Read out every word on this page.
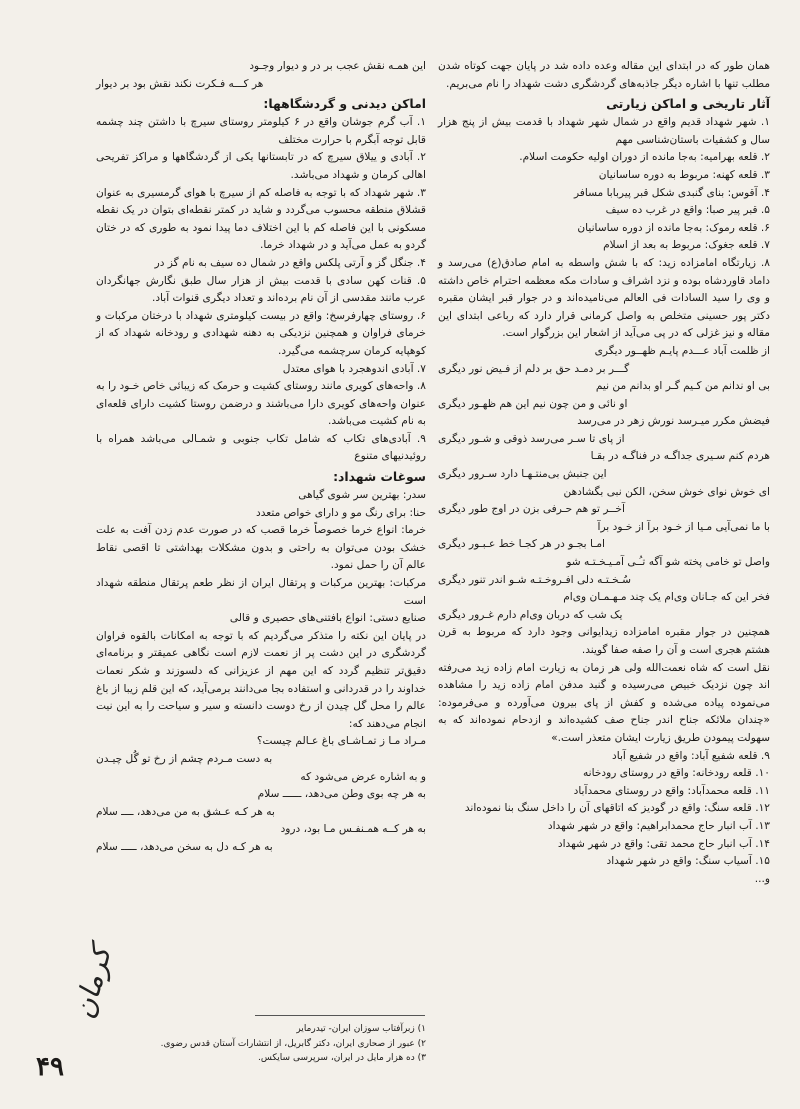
همان طور که در ابتدای این مقاله وعده داده شد در پایان جهت کوتاه شدن مطلب تنها با اشاره دیگر جاذبه‌های گردشگری دشت شهداد را نام می‌بریم.

آثار تاریخی و اماکن زیارتی

۱. شهر شهداد قدیم واقع در شمال شهر شهداد با قدمت بیش از پنج هزار سال و کشفیات باستان‌شناسی مهم

۲. قلعه بهرامیه: به‌جا مانده از دوران اولیه حکومت اسلام.

۳. قلعه کهنه: مربوط به دوره ساسانیان

۴. آقوس: بنای گنبدی شکل قبر پیربابا مسافر

۵. قبر پیر صبا: واقع در غرب ده سیف

۶. قلعه رموک: به‌جا مانده از دوره ساسانیان

۷. قلعه جغوک: مربوط به بعد از اسلام

۸. زیارتگاه امامزاده زید: که با شش واسطه به امام صادق(ع) می‌رسد و داماد قاوردشاه بوده و نزد اشراف و سادات مکه معظمه احترام خاص داشته و وی را سید السادات فی العالم می‌نامیده‌اند و در جوار قبر ایشان مقبره دکتر پور حسینی متخلص به واصل کرمانی قرار دارد که رباعی ابتدای این مقاله و نیز غزلی که در پی می‌آید از اشعار این بزرگوار است.

از ظلمت آباد عـــدم پایـم ظهــور دیگری
گـــر بر دمـد حق بر دلم از فـیض نور دیگری
بی او ندانم من کـیم گـر او بدانم من نیم
او نائی و من چون نیم این هم ظهـور دیگری
فیضش مکرر میـرسد نورش زهر در می‌رسد
از پای تا سـر می‌رسد ذوقی و شـور دیگری
هردم کنم سـیری جداگـه در فناگـه در بقـا
این جنبش بی‌منتـهـا دارد سـرور دیگری
ای خوش نوای خوش سخن، الکن نبی بگشادهن
آخــر تو هم حـرفی بزن در اوج طور دیگری
با ما نمی‌آیی مـیا از خـود برآ از خـود برآ
امـا بجـو در هر کجـا خط عـبـور دیگری
واصل تو خامی پخته شو آگه تـُـی آمـیـخـتـه شو
سُـخـتـه دلی افـروخـتـه شـو اندر تنور دیگری
فخر این که جـانان وی‌ام یک چند مـهـمـان وی‌ام
یک شب که دربان وی‌ام دارم غـرور دیگری

همچنین در جوار مقبره امامزاده زیدایوانی وجود دارد که مربوط به قرن هشتم هجری است و آن را صفه صفا گویند.

نقل است که شاه نعمت‌الله ولی هر زمان به زیارت امام زاده زید می‌رفته اند چون نزدیک خبیص می‌رسیده و گنبد مدفن امام زاده زید را مشاهده می‌نموده پیاده می‌شده و کفش از پای بیرون می‌آورده و می‌فرموده: «چندان ملائکه جناح اندر جناح صف کشیده‌اند و ازدحام نموده‌اند که به سهولت پیمودن طریق زیارت ایشان متعذر است.»

۹. قلعه شفیع آباد: واقع در شفیع آباد

۱۰. قلعه رودخانه: واقع در روستای رودخانه

۱۱. قلعه محمدآباد: واقع در روستای محمدآباد

۱۲. قلعه سنگ: واقع در گودیز که اتاقهای آن را داخل سنگ بنا نموده‌اند

۱۳. آب انبار حاج محمدابراهیم: واقع در شهر شهداد

۱۴. آب انبار حاج محمد تقی: واقع در شهر شهداد

۱۵. آسیاب سنگ: واقع در شهر شهداد

و...

این همـه نقش عجب بر در و دیوار وجـود
هر کـــه فـکرت نکند نقش بود بر دیوار

اماکن دیدنی و گردشگاهها:

۱. آب گرم جوشان واقع در ۶ کیلومتر روستای سیرچ با داشتن چند چشمه قابل توجه آبگرم با حرارت مختلف

۲. آبادی و ییلاق سیرچ که در تابستانها یکی از گردشگاهها و مراکز تفریحی اهالی کرمان و شهداد می‌باشد.

۳. شهر شهداد که با توجه به فاصله کم از سیرچ با هوای گرمسیری به عنوان قشلاق منطقه محسوب می‌گردد و شاید در کمتر نقطه‌ای بتوان در یک نقطه مسکونی با این فاصله کم با این اختلاف دما پیدا نمود به طوری که در ختان گردو به عمل می‌آید و در شهداد خرما.

۴. جنگل گز و آرتی پلکس واقع در شمال ده سیف به نام گز در

۵. قنات کهن سادی با قدمت بیش از هزار سال طبق نگارش جهانگردان عرب مانند مقدسی از آن نام برده‌اند و تعداد دیگری قنوات آباد.

۶. روستای چهارفرسخ: واقع در بیست کیلومتری شهداد با درختان مرکبات و خرمای فراوان و همچنین نزدیکی به دهنه شهدادی و رودخانه شهداد که از کوهپایه کرمان سرچشمه می‌گیرد.

۷. آبادی اندوهجرد با هوای معتدل

۸. واحه‌های کویری مانند روستای کشیت و حرمک که زیبائی خاص خـود را به عنوان واحه‌های کویری دارا می‌باشند و درضمن روستا کشیت دارای قلعه‌ای به نام کشیت می‌باشد.

۹. آبادی‌های تکاب که شامل تکاب جنوبی و شمـالی می‌باشد همراه با روئیدنیهای متنوع

سوغات شهداد:

سدر: بهترین سر شوی گیاهی

حنا: برای رنگ مو و دارای خواص متعدد

خرما: انواع خرما خصوصاً خرما قصب که در صورت عدم زدن آفت به علت خشک بودن می‌توان به راحتی و بدون مشکلات بهداشتی تا اقصی نقاط عالم آن را حمل نمود.

مرکبات: بهترین مرکبات و پرتقال ایران از نظر طعم پرتقال منطقه شهداد است

صنایع دستی: انواع بافتنی‌های حصیری و قالی

در پایان این نکته را متذکر می‌گردیم که با توجه به امکانات بالقوه فراوان گردشگری در این دشت پر از نعمت لازم است نگاهی عمیقتر و برنامه‌ای دقیق‌تر تنظیم گردد که این مهم از عزیزانی که دلسوزند و شکر نعمات خداوند را در قدردانی و استفاده بجا می‌دانند برمی‌آید، که این قلم زیبا از باغ عالم را محل گل چیدن از رخ دوست دانسته و سیر و سیاحت را به این نیت انجام می‌دهند که:

مـراد مـا ز تمـاشـای باغ عـالم چیست؟
به دست مـردم چشم از رخ تو گُل چیـدن
و به اشاره عرض می‌شود که
به هر چه بوی وطن می‌دهد، ــــــ سلام
به هر کـه عـشق به من می‌دهد، ــــ سلام
به هر کــه همـنفـس مـا بود، درود
به هر کـه دل به سخن می‌دهد، ـــــ سلام

۱) زبرآفتاب سوزان ایران- تیدرمایر

۲) عبور از صحاری ایران، دکتر گابریل، از انتشارات آستان قدس رضوی.

۳) ده هزار مایل در ایران، سرپرسی سایکس.

کرمان
۴۹
